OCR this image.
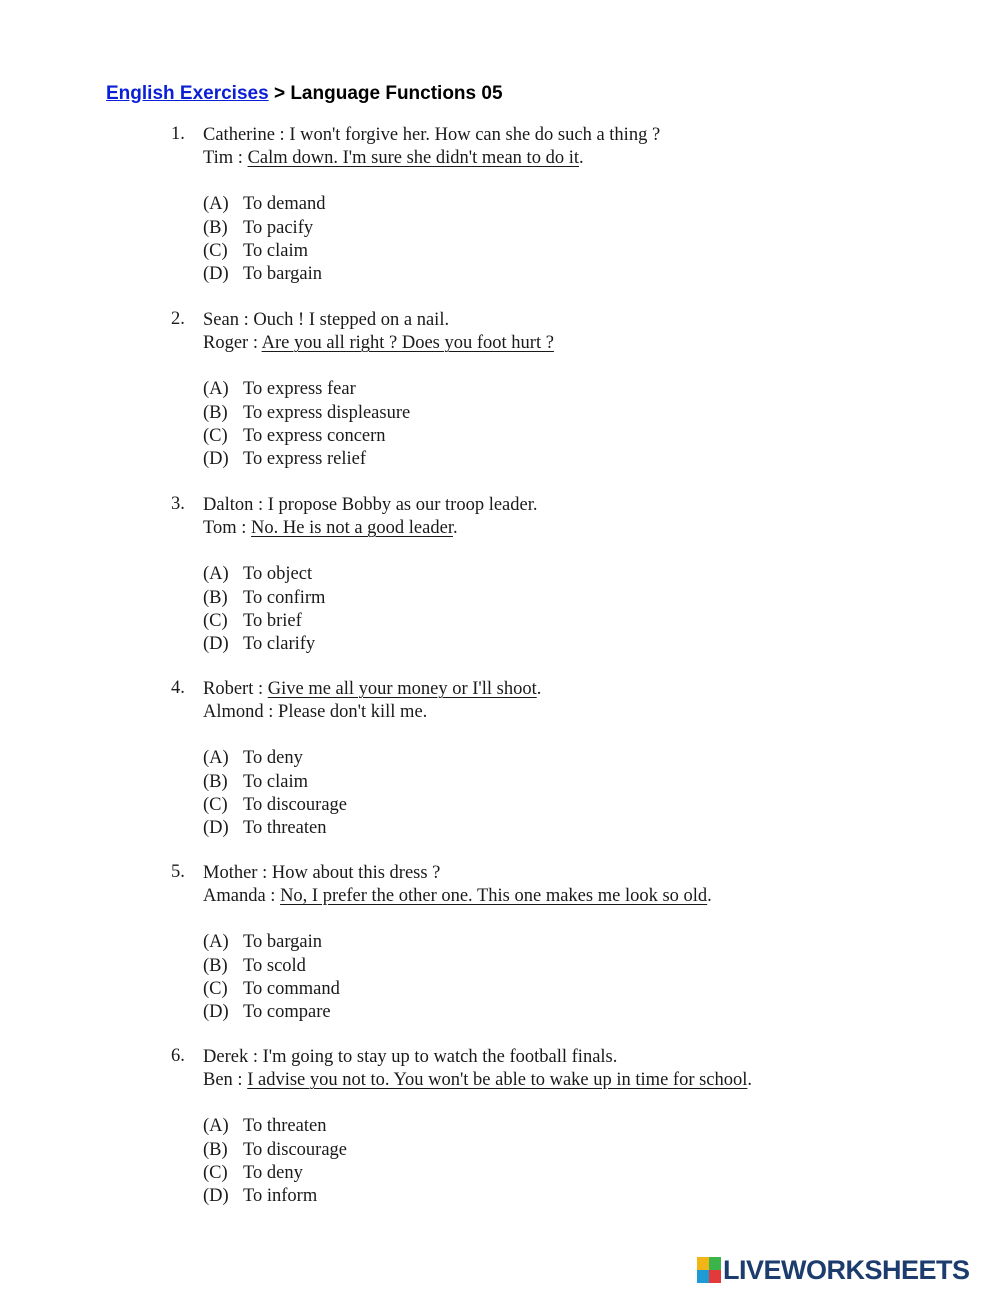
English Exercises > Language Functions 05
1. Catherine : I won't forgive her. How can she do such a thing ?
Tim : Calm down. I'm sure she didn't mean to do it.
(A) To demand
(B) To pacify
(C) To claim
(D) To bargain
2. Sean : Ouch ! I stepped on a nail.
Roger : Are you all right ? Does you foot hurt ?
(A) To express fear
(B) To express displeasure
(C) To express concern
(D) To express relief
3. Dalton : I propose Bobby as our troop leader.
Tom : No. He is not a good leader.
(A) To object
(B) To confirm
(C) To brief
(D) To clarify
4. Robert : Give me all your money or I'll shoot.
Almond : Please don't kill me.
(A) To deny
(B) To claim
(C) To discourage
(D) To threaten
5. Mother : How about this dress ?
Amanda : No, I prefer the other one. This one makes me look so old.
(A) To bargain
(B) To scold
(C) To command
(D) To compare
6. Derek : I'm going to stay up to watch the football finals.
Ben : I advise you not to. You won't be able to wake up in time for school.
(A) To threaten
(B) To discourage
(C) To deny
(D) To inform
LIVEWORKSHEETS
